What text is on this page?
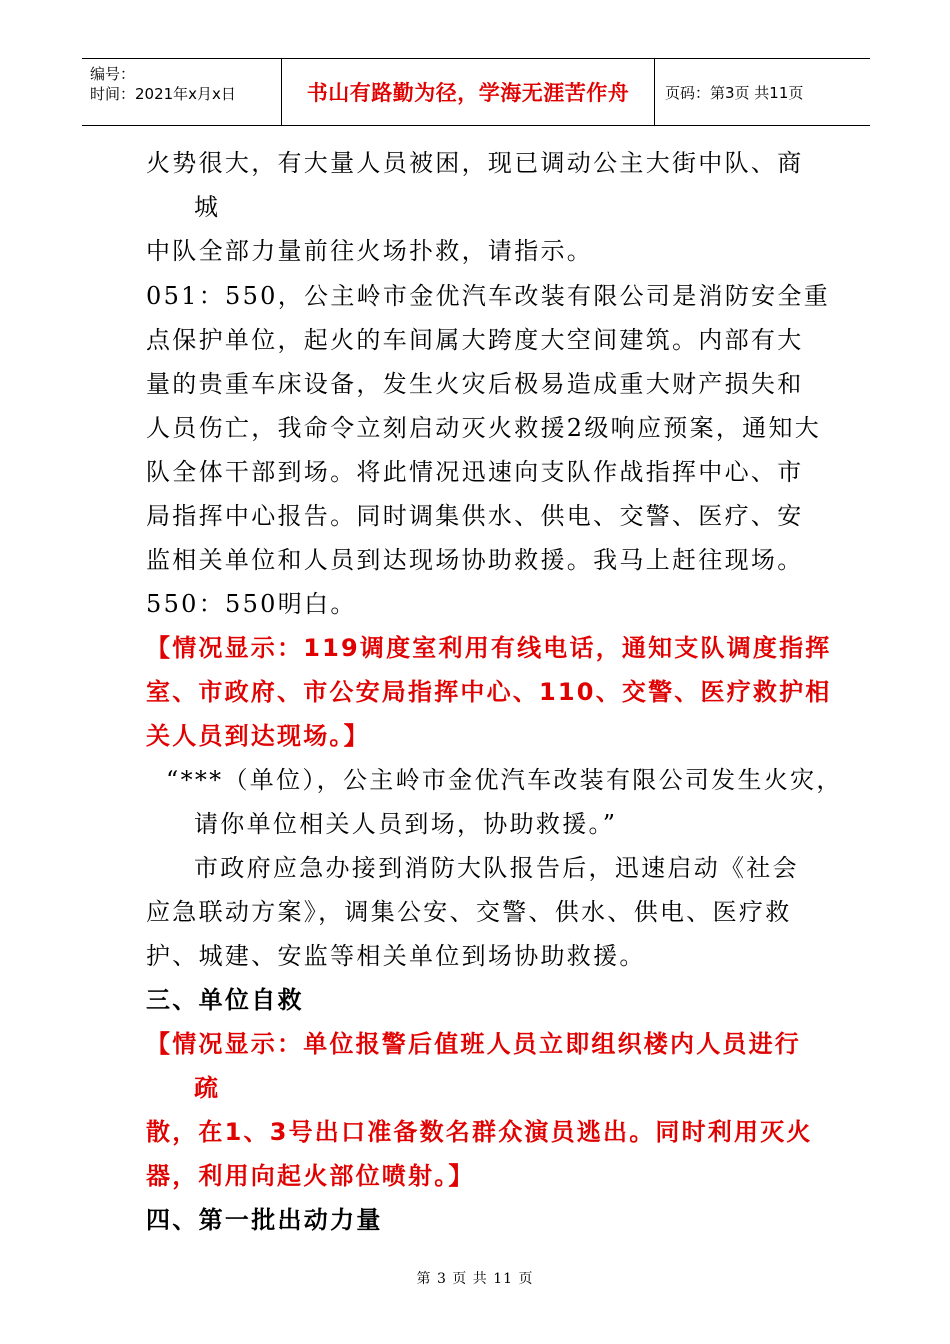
编号：
时间：2021年x月x日	书山有路勤为径，学海无涯苦作舟	页码：第3页 共11页
火势很大，有大量人员被困，现已调动公主大街中队、商
城
中队全部力量前往火场扑救，请指示。
051：550，公主岭市金优汽车改装有限公司是消防安全重
点保护单位，起火的车间属大跨度大空间建筑。内部有大
量的贵重车床设备，发生火灾后极易造成重大财产损失和
人员伤亡，我命令立刻启动灭火救援2级响应预案，通知大
队全体干部到场。将此情况迅速向支队作战指挥中心、市
局指挥中心报告。同时调集供水、供电、交警、医疗、安
监相关单位和人员到达现场协助救援。我马上赶往现场。
550：550明白。
【情况显示：119调度室利用有线电话，通知支队调度指挥
室、市政府、市公安局指挥中心、110、交警、医疗救护相
关人员到达现场。】
“***（单位），公主岭市金优汽车改装有限公司发生火灾，
请你单位相关人员到场，协助救援。”
市政府应急办接到消防大队报告后，迅速启动《社会
应急联动方案》，调集公安、交警、供水、供电、医疗救
护、城建、安监等相关单位到场协助救援。
三、单位自救
【情况显示：单位报警后值班人员立即组织楼内人员进行
疏
散，在1、3号出口准备数名群众演员逃出。同时利用灭火
器，利用向起火部位喷射。】
四、第一批出动力量
第 3 页 共 11 页
